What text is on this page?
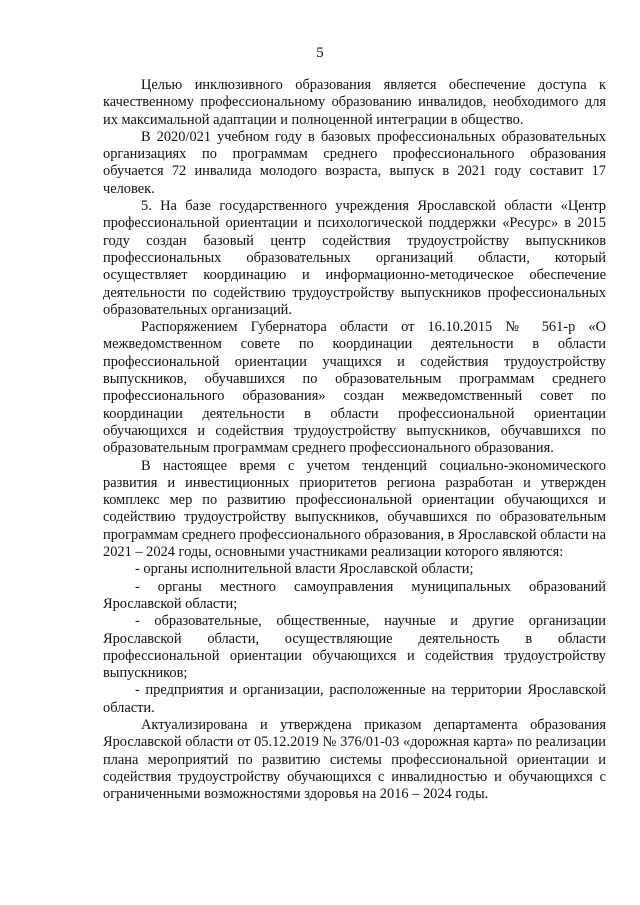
5

Целью инклюзивного образования является обеспечение доступа к качественному профессиональному образованию инвалидов, необходимого для их максимальной адаптации и полноценной интеграции в общество.

В 2020/021 учебном году в базовых профессиональных образовательных организациях по программам среднего профессионального образования обучается 72 инвалида молодого возраста, выпуск в 2021 году составит 17 человек.

5. На базе государственного учреждения Ярославской области «Центр профессиональной ориентации и психологической поддержки «Ресурс» в 2015 году создан базовый центр содействия трудоустройству выпускников профессиональных образовательных организаций области, который осуществляет координацию и информационно-методическое обеспечение деятельности по содействию трудоустройству выпускников профессиональных образовательных организаций.

Распоряжением Губернатора области от 16.10.2015 № 561-р «О межведомственном совете по координации деятельности в области профессиональной ориентации учащихся и содействия трудоустройству выпускников, обучавшихся по образовательным программам среднего профессионального образования» создан межведомственный совет по координации деятельности в области профессиональной ориентации обучающихся и содействия трудоустройству выпускников, обучавшихся по образовательным программам среднего профессионального образования.

В настоящее время с учетом тенденций социально-экономического развития и инвестиционных приоритетов региона разработан и утвержден комплекс мер по развитию профессиональной ориентации обучающихся и содействию трудоустройству выпускников, обучавшихся по образовательным программам среднего профессионального образования, в Ярославской области на 2021 – 2024 годы, основными участниками реализации которого являются:

- органы исполнительной власти Ярославской области;

- органы местного самоуправления муниципальных образований Ярославской области;

- образовательные, общественные, научные и другие организации Ярославской области, осуществляющие деятельность в области профессиональной ориентации обучающихся и содействия трудоустройству выпускников;

- предприятия и организации, расположенные на территории Ярославской области.

Актуализирована и утверждена приказом департамента образования Ярославской области от 05.12.2019 № 376/01-03 «дорожная карта» по реализации плана мероприятий по развитию системы профессиональной ориентации и содействия трудоустройству обучающихся с инвалидностью и обучающихся с ограниченными возможностями здоровья на 2016 – 2024 годы.
